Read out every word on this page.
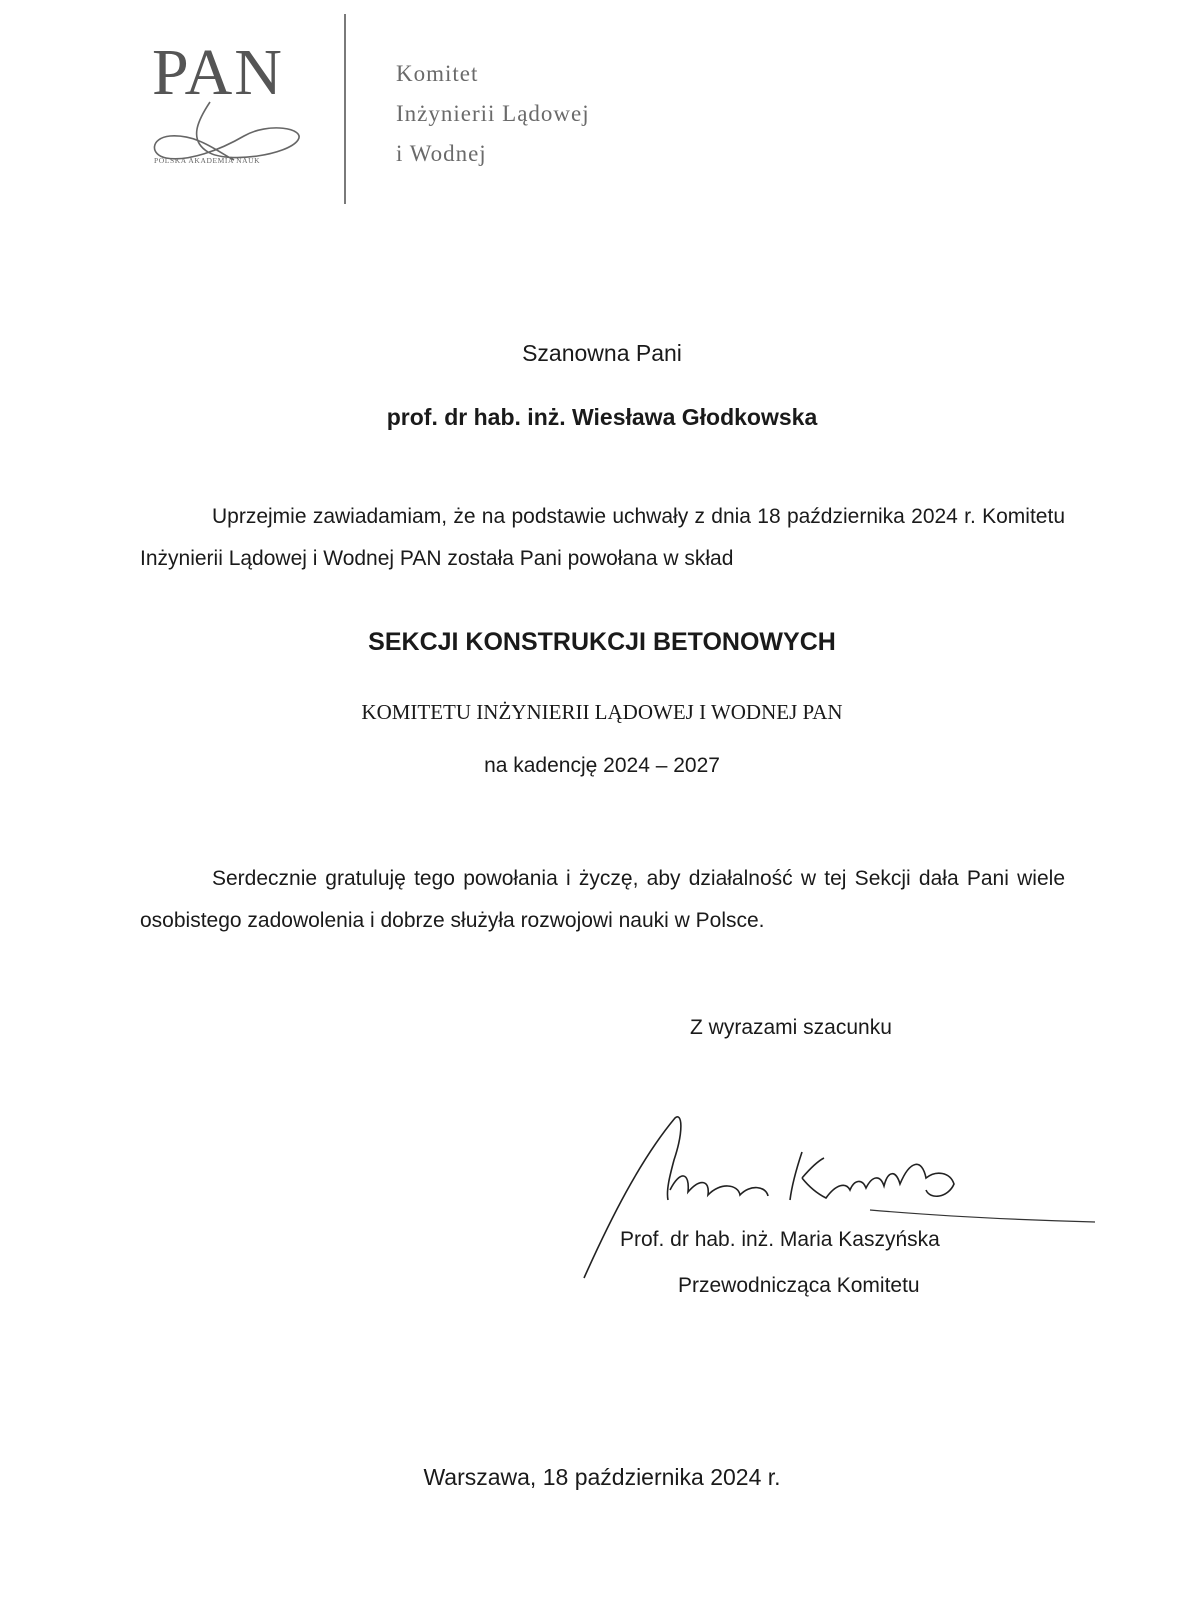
PAN
POLSKA AKADEMIA NAUK
Komitet
Inżynierii Lądowej
i Wodnej
Szanowna Pani
prof. dr hab. inż. Wiesława Głodkowska
Uprzejmie zawiadamiam, że na podstawie uchwały z dnia 18 października 2024 r. Komitetu Inżynierii Lądowej i Wodnej PAN została Pani powołana w skład
SEKCJI KONSTRUKCJI BETONOWYCH
KOMITETU INŻYNIERII LĄDOWEJ I WODNEJ PAN
na kadencję 2024 – 2027
Serdecznie gratuluję tego powołania i życzę, aby działalność w tej Sekcji dała Pani wiele osobistego zadowolenia i dobrze służyła rozwojowi nauki w Polsce.
Z wyrazami szacunku
Prof. dr hab. inż. Maria Kaszyńska
Przewodnicząca Komitetu
Warszawa, 18 października 2024 r.
